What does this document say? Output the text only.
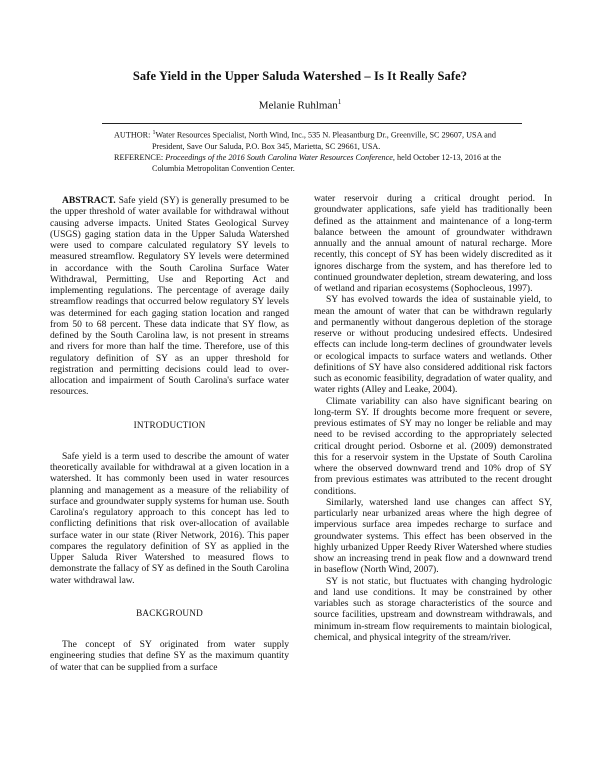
Safe Yield in the Upper Saluda Watershed – Is It Really Safe?
Melanie Ruhlman$^1$

AUTHOR: $^1$Water Resources Specialist, North Wind, Inc., 535 N. Pleasantburg Dr., Greenville, SC 29607, USA and

President, Save Our Saluda, P.O. Box 345, Marietta, SC 29661, USA.

REFERENCE: Proceedings of the 2016 South Carolina Water Resources Conference, held October 12-13, 2016 at the

Columbia Metropolitan Convention Center.

ABSTRACT. Safe yield (SY) is generally presumed to be the upper threshold of water available for withdrawal without causing adverse impacts. United States Geological Survey (USGS) gaging station data in the Upper Saluda Watershed were used to compare calculated regulatory SY levels to measured streamflow. Regulatory SY levels were determined in accordance with the South Carolina Surface Water Withdrawal, Permitting, Use and Reporting Act and implementing regulations. The percentage of average daily streamflow readings that occurred below regulatory SY levels was determined for each gaging station location and ranged from 50 to 68 percent. These data indicate that SY flow, as defined by the South Carolina law, is not present in streams and rivers for more than half the time. Therefore, use of this regulatory definition of SY as an upper threshold for registration and permitting decisions could lead to over-allocation and impairment of South Carolina's surface water resources.

INTRODUCTION

Safe yield is a term used to describe the amount of water theoretically available for withdrawal at a given location in a watershed. It has commonly been used in water resources planning and management as a measure of the reliability of surface and groundwater supply systems for human use. South Carolina's regulatory approach to this concept has led to conflicting definitions that risk over-allocation of available surface water in our state (River Network, 2016). This paper compares the regulatory definition of SY as applied in the Upper Saluda River Watershed to measured flows to demonstrate the fallacy of SY as defined in the South Carolina water withdrawal law.

BACKGROUND

The concept of SY originated from water supply engineering studies that define SY as the maximum quantity of water that can be supplied from a surface

water reservoir during a critical drought period. In groundwater applications, safe yield has traditionally been defined as the attainment and maintenance of a long-term balance between the amount of groundwater withdrawn annually and the annual amount of natural recharge. More recently, this concept of SY has been widely discredited as it ignores discharge from the system, and has therefore led to continued groundwater depletion, stream dewatering, and loss of wetland and riparian ecosystems (Sophocleous, 1997).

SY has evolved towards the idea of sustainable yield, to mean the amount of water that can be withdrawn regularly and permanently without dangerous depletion of the storage reserve or without producing undesired effects. Undesired effects can include long-term declines of groundwater levels or ecological impacts to surface waters and wetlands. Other definitions of SY have also considered additional risk factors such as economic feasibility, degradation of water quality, and water rights (Alley and Leake, 2004).

Climate variability can also have significant bearing on long-term SY. If droughts become more frequent or severe, previous estimates of SY may no longer be reliable and may need to be revised according to the appropriately selected critical drought period. Osborne et al. (2009) demonstrated this for a reservoir system in the Upstate of South Carolina where the observed downward trend and 10% drop of SY from previous estimates was attributed to the recent drought conditions.

Similarly, watershed land use changes can affect SY, particularly near urbanized areas where the high degree of impervious surface area impedes recharge to surface and groundwater systems. This effect has been observed in the highly urbanized Upper Reedy River Watershed where studies show an increasing trend in peak flow and a downward trend in baseflow (North Wind, 2007).

SY is not static, but fluctuates with changing hydrologic and land use conditions. It may be constrained by other variables such as storage characteristics of the source and source facilities, upstream and downstream withdrawals, and minimum in-stream flow requirements to maintain biological, chemical, and physical integrity of the stream/river.
